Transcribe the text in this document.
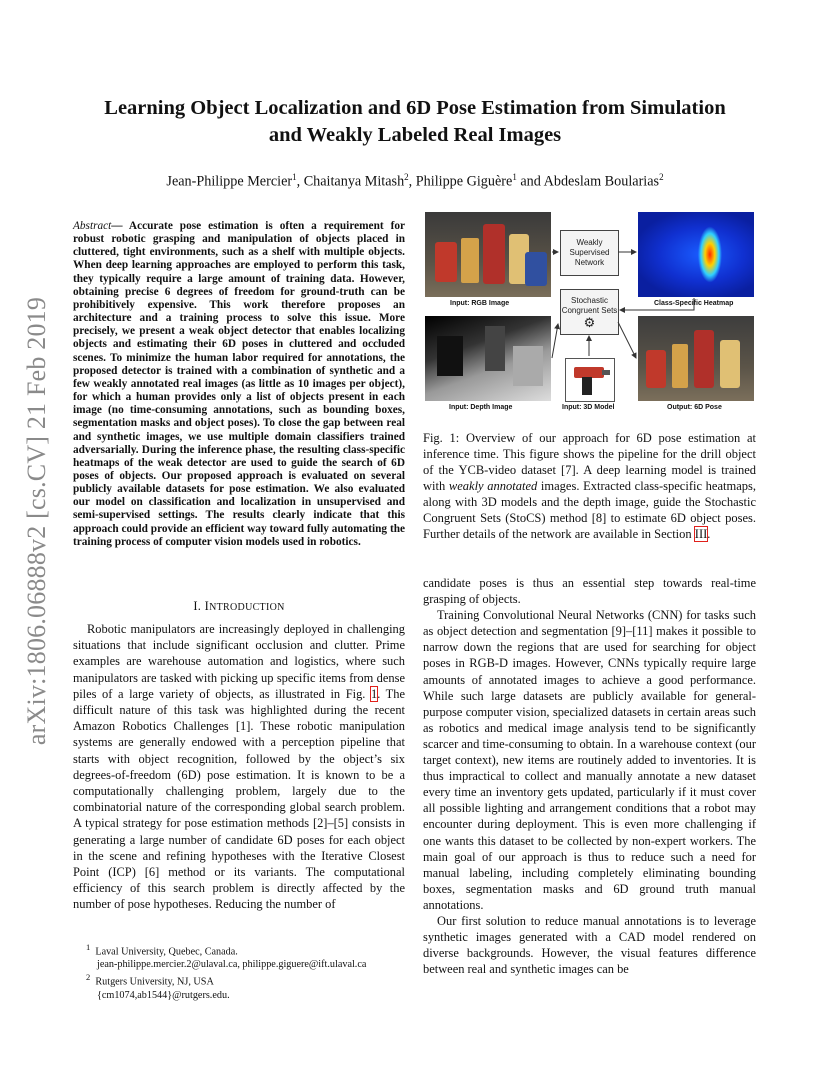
arXiv:1806.06888v2 [cs.CV] 21 Feb 2019
Learning Object Localization and 6D Pose Estimation from Simulation
and Weakly Labeled Real Images
Jean-Philippe Mercier$^1$, Chaitanya Mitash$^2$, Philippe Giguère$^1$ and Abdeslam Boularias$^2$
Abstract— Accurate pose estimation is often a requirement for robust robotic grasping and manipulation of objects placed in cluttered, tight environments, such as a shelf with multiple objects. When deep learning approaches are employed to perform this task, they typically require a large amount of training data. However, obtaining precise 6 degrees of freedom for ground-truth can be prohibitively expensive. This work therefore proposes an architecture and a training process to solve this issue. More precisely, we present a weak object detector that enables localizing objects and estimating their 6D poses in cluttered and occluded scenes. To minimize the human labor required for annotations, the proposed detector is trained with a combination of synthetic and a few weakly annotated real images (as little as 10 images per object), for which a human provides only a list of objects present in each image (no time-consuming annotations, such as bounding boxes, segmentation masks and object poses). To close the gap between real and synthetic images, we use multiple domain classifiers trained adversarially. During the inference phase, the resulting class-specific heatmaps of the weak detector are used to guide the search of 6D poses of objects. Our proposed approach is evaluated on several publicly available datasets for pose estimation. We also evaluated our model on classification and localization in unsupervised and semi-supervised settings. The results clearly indicate that this approach could provide an efficient way toward fully automating the training process of computer vision models used in robotics.
I. INTRODUCTION
Robotic manipulators are increasingly deployed in challenging situations that include significant occlusion and clutter. Prime examples are warehouse automation and logistics, where such manipulators are tasked with picking up specific items from dense piles of a large variety of objects, as illustrated in Fig. 1. The difficult nature of this task was highlighted during the recent Amazon Robotics Challenges [1]. These robotic manipulation systems are generally endowed with a perception pipeline that starts with object recognition, followed by the object’s six degrees-of-freedom (6D) pose estimation. It is known to be a computationally challenging problem, largely due to the combinatorial nature of the corresponding global search problem. A typical strategy for pose estimation methods [2]–[5] consists in generating a large number of candidate 6D poses for each object in the scene and refining hypotheses with the Iterative Closest Point (ICP) [6] method or its variants. The computational efficiency of this search problem is directly affected by the number of pose hypotheses. Reducing the number of
$^1$ Laval University, Quebec, Canada.
jean-philippe.mercier.2@ulaval.ca, philippe.giguere@ift.ulaval.ca
$^2$ Rutgers University, NJ, USA
{cm1074,ab1544}@rutgers.edu.
Input: RGB Image
Weakly Supervised Network
Class-Specific Heatmap
Stochastic Congruent Sets
⚙
Input: Depth Image	Input: 3D Model	Output: 6D Pose
Fig. 1: Overview of our approach for 6D pose estimation at inference time. This figure shows the pipeline for the drill object of the YCB-video dataset [7]. A deep learning model is trained with weakly annotated images. Extracted class-specific heatmaps, along with 3D models and the depth image, guide the Stochastic Congruent Sets (StoCS) method [8] to estimate 6D object poses. Further details of the network are available in Section III.

candidate poses is thus an essential step towards real-time grasping of objects.

Training Convolutional Neural Networks (CNN) for tasks such as object detection and segmentation [9]–[11] makes it possible to narrow down the regions that are used for searching for object poses in RGB-D images. However, CNNs typically require large amounts of annotated images to achieve a good performance. While such large datasets are publicly available for general-purpose computer vision, specialized datasets in certain areas such as robotics and medical image analysis tend to be significantly scarcer and time-consuming to obtain. In a warehouse context (our target context), new items are routinely added to inventories. It is thus impractical to collect and manually annotate a new dataset every time an inventory gets updated, particularly if it must cover all possible lighting and arrangement conditions that a robot may encounter during deployment. This is even more challenging if one wants this dataset to be collected by non-expert workers. The main goal of our approach is thus to reduce such a need for manual labeling, including completely eliminating bounding boxes, segmentation masks and 6D ground truth manual annotations.

Our first solution to reduce manual annotations is to leverage synthetic images generated with a CAD model rendered on diverse backgrounds. However, the visual features difference between real and synthetic images can be
